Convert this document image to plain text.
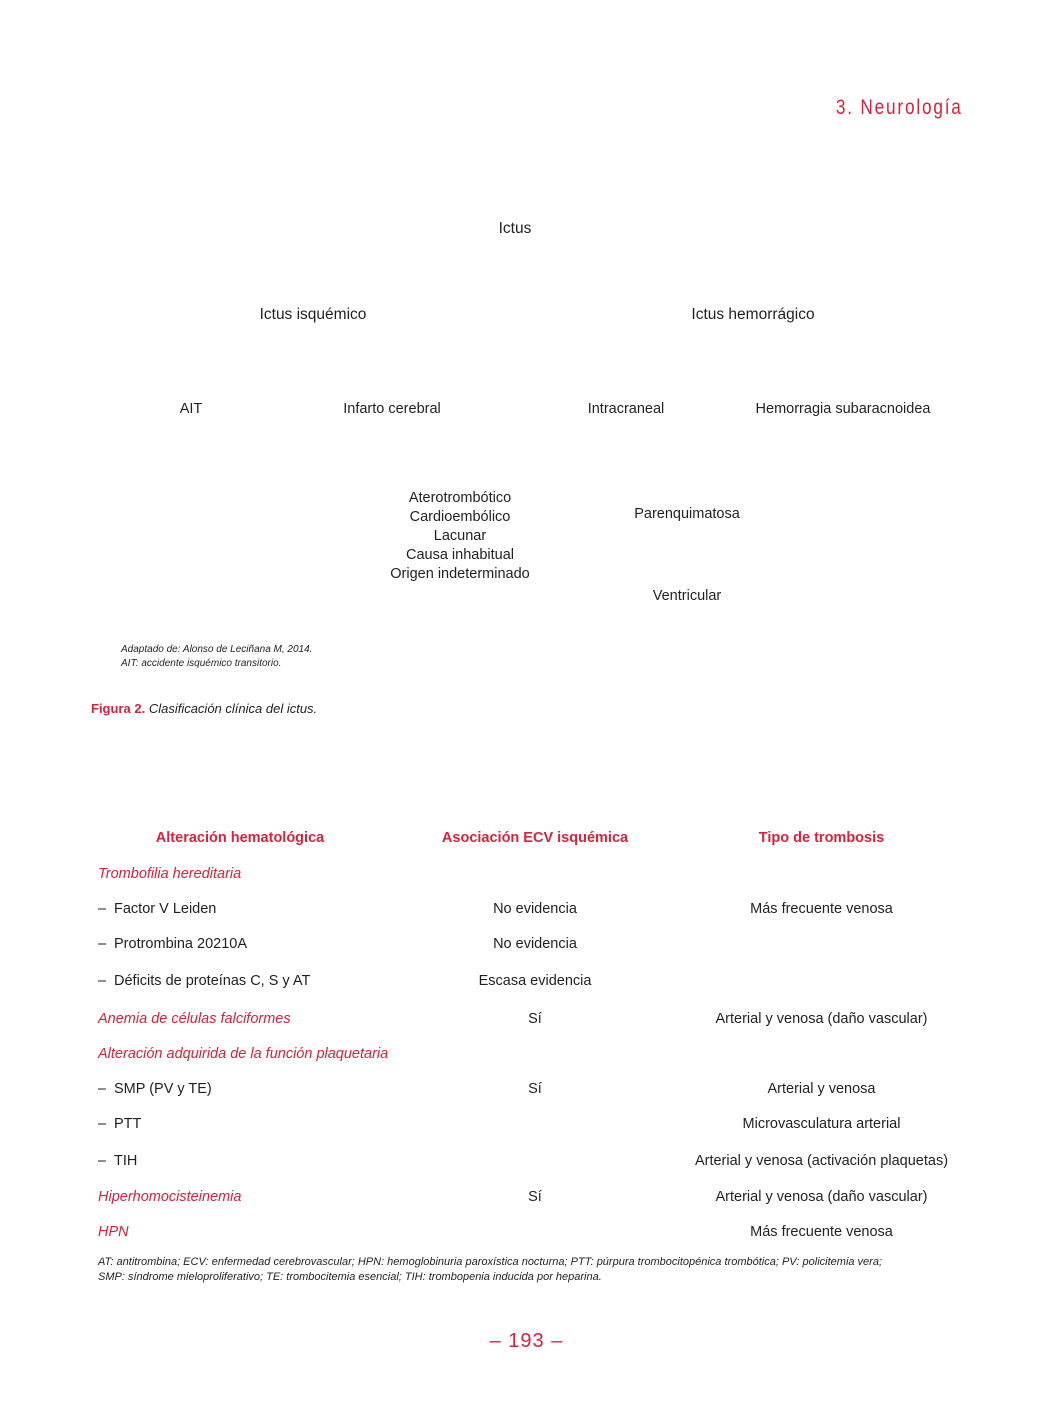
3. Neurología
Ictus
Ictus isquémico	Ictus hemorrágico
AIT	Infarto cerebral	Intracraneal	Hemorragia subaracnoidea
Aterotrombótico
Cardioembólico
Lacunar
Causa inhabitual
Origen indeterminado
Parenquimatosa
Ventricular
Adaptado de: Alonso de Leciñana M, 2014.
AIT: accidente isquémico transitorio.
Figura 2. Clasificación clínica del ictus.
Alteración hematológica	Asociación ECV isquémica	Tipo de trombosis
Trombofilia hereditaria		
– Factor V Leiden	No evidencia	Más frecuente venosa
– Protrombina 20210A	No evidencia	
– Déficits de proteínas C, S y AT	Escasa evidencia	
Anemia de células falciformes	Sí	Arterial y venosa (daño vascular)
Alteración adquirida de la función plaquetaria		
– SMP (PV y TE)	Sí	Arterial y venosa
– PTT		Microvasculatura arterial
– TIH		Arterial y venosa (activación plaquetas)
Hiperhomocisteinemia	Sí	Arterial y venosa (daño vascular)
HPN		Más frecuente venosa
AT: antitrombina; ECV: enfermedad cerebrovascular; HPN: hemoglobinuria paroxística nocturna; PTT: púrpura trombocitopénica trombótica; PV: policitemia vera;
SMP: síndrome mieloproliferativo; TE: trombocitemia esencial; TIH: trombopenia inducida por heparina.
– 193 –
